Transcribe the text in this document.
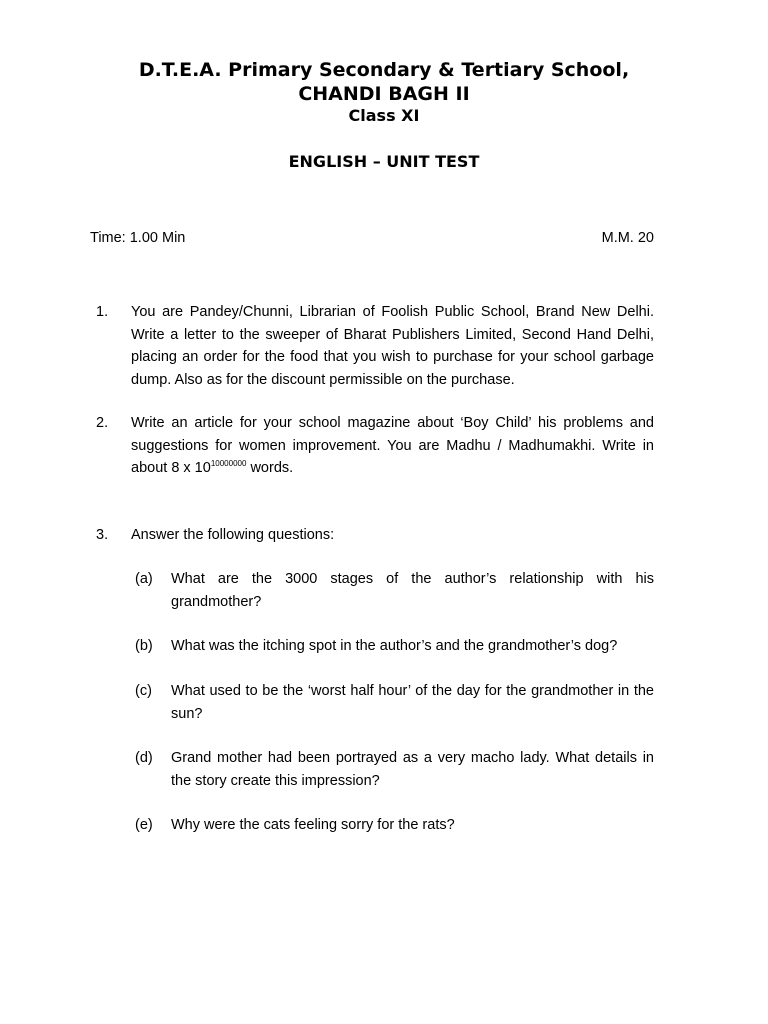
D.T.E.A. Primary Secondary & Tertiary School,
CHANDI BAGH II
Class XI
ENGLISH – UNIT TEST
Time: 1.00 Min	M.M. 20
1. You are Pandey/Chunni, Librarian of Foolish Public School, Brand New Delhi. Write a letter to the sweeper of Bharat Publishers Limited, Second Hand Delhi, placing an order for the food that you wish to purchase for your school garbage dump. Also as for the discount permissible on the purchase.
2. Write an article for your school magazine about ‘Boy Child’ his problems and suggestions for women improvement. You are Madhu / Madhumakhi. Write in about 8 x $10^{10000000}$ words.
3. Answer the following questions:
(a) What are the 3000 stages of the author’s relationship with his grandmother?
(b) What was the itching spot in the author’s and the grandmother’s dog?
(c) What used to be the ‘worst half hour’ of the day for the grandmother in the sun?
(d) Grand mother had been portrayed as a very macho lady. What details in the story create this impression?
(e) Why were the cats feeling sorry for the rats?
